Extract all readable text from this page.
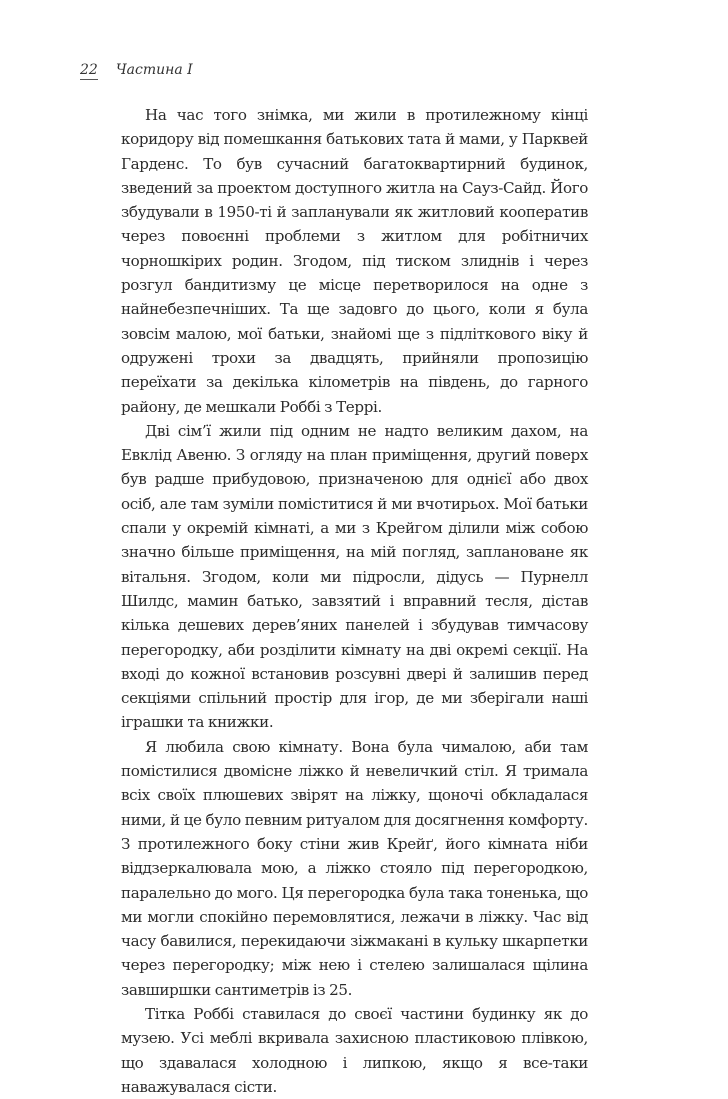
22 Частина І

На час того знімка, ми жили в протилежному кінці коридору від помешкання батькових тата й мами, у Парквей Гарденс. То був сучасний багатоквартирний будинок, зведений за проектом доступного житла на Сауз-Сайд. Його збудували в 1950-ті й запланували як житловий кооператив через повоєнні проблеми з житлом для робітничих чорношкірих родин. Згодом, під тиском злиднів і через розгул бандитизму це місце перетворилося на одне з найнебезпечніших. Та ще задовго до цього, коли я була зовсім малою, мої батьки, знайомі ще з підліткового віку й одружені трохи за двадцять, прийняли пропозицію переїхати за декілька кілометрів на південь, до гарного району, де мешкали Роббі з Террі.

Дві сім’ї жили під одним не надто великим дахом, на Евклід Авеню. З огляду на план приміщення, другий поверх був радше прибудовою, призначеною для однієї або двох осіб, але там зуміли поміститися й ми вчотирьох. Мої батьки спали у окремій кімнаті, а ми з Крейгом ділили між собою значно більше приміщення, на мій погляд, заплановане як вітальня. Згодом, коли ми підросли, дідусь — Пурнелл Шилдс, мамин батько, завзятий і вправний тесля, дістав кілька дешевих дерев’яних панелей і збудував тимчасову перегородку, аби розділити кімнату на дві окремі секції. На вході до кожної встановив розсувні двері й залишив перед секціями спільний простір для ігор, де ми зберігали наші іграшки та книжки.

Я любила свою кімнату. Вона була чималою, аби там помістилися двомісне ліжко й невеличкий стіл. Я тримала всіх своїх плюшевих звірят на ліжку, щоночі обкладалася ними, й це було певним ритуалом для досягнення комфорту. З протилежного боку стіни жив Крейґ, його кімната ніби віддзеркалювала мою, а ліжко стояло під перегородкою, паралельно до мого. Ця перегородка була така тоненька, що ми могли спокійно перемовлятися, лежачи в ліжку. Час від часу бавилися, перекидаючи зіжмакані в кульку шкарпетки через перегородку; між нею і стелею залишалася щілина завширшки сантиметрів із 25.

Тітка Роббі ставилася до своєї частини будинку як до музею. Усі меблі вкривала захисною пластиковою плівкою, що здавалася холодною і липкою, якщо я все-таки наважувалася сісти.
